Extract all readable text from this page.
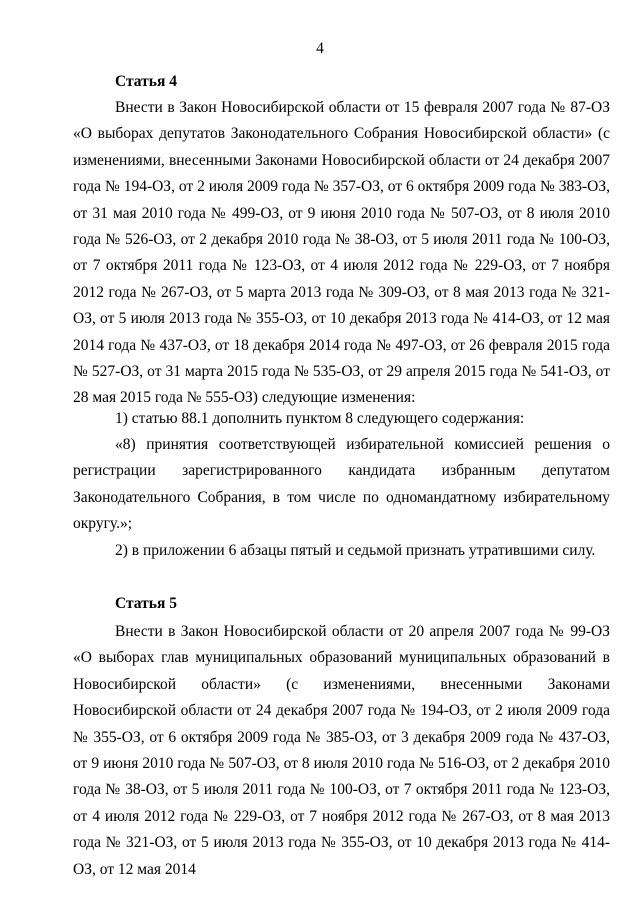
4
Статья 4

Внести в Закон Новосибирской области от 15 февраля 2007 года № 87-ОЗ «О выборах депутатов Законодательного Собрания Новосибирской области» (с изменениями, внесенными Законами Новосибирской области от 24 декабря 2007 года № 194-ОЗ, от 2 июля 2009 года № 357-ОЗ, от 6 октября 2009 года № 383-ОЗ, от 31 мая 2010 года № 499-ОЗ, от 9 июня 2010 года № 507-ОЗ, от 8 июля 2010 года № 526-ОЗ, от 2 декабря 2010 года № 38-ОЗ, от 5 июля 2011 года № 100-ОЗ, от 7 октября 2011 года № 123-ОЗ, от 4 июля 2012 года № 229-ОЗ, от 7 ноября 2012 года № 267-ОЗ, от 5 марта 2013 года № 309-ОЗ, от 8 мая 2013 года № 321-ОЗ, от 5 июля 2013 года № 355-ОЗ, от 10 декабря 2013 года № 414-ОЗ, от 12 мая 2014 года № 437-ОЗ, от 18 декабря 2014 года № 497-ОЗ, от 26 февраля 2015 года № 527-ОЗ, от 31 марта 2015 года № 535-ОЗ, от 29 апреля 2015 года № 541-ОЗ, от 28 мая 2015 года № 555-ОЗ) следующие изменения:

1) статью 88.1 дополнить пунктом 8 следующего содержания:

«8) принятия соответствующей избирательной комиссией решения о регистрации зарегистрированного кандидата избранным депутатом Законодательного Собрания, в том числе по одномандатному избирательному округу.»;

2) в приложении 6 абзацы пятый и седьмой признать утратившими силу.

Статья 5

Внести в Закон Новосибирской области от 20 апреля 2007 года № 99-ОЗ «О выборах глав муниципальных образований муниципальных образований в Новосибирской области» (с изменениями, внесенными Законами Новосибирской области от 24 декабря 2007 года № 194-ОЗ, от 2 июля 2009 года № 355-ОЗ, от 6 октября 2009 года № 385-ОЗ, от 3 декабря 2009 года № 437-ОЗ, от 9 июня 2010 года № 507-ОЗ, от 8 июля 2010 года № 516-ОЗ, от 2 декабря 2010 года № 38-ОЗ, от 5 июля 2011 года № 100-ОЗ, от 7 октября 2011 года № 123-ОЗ, от 4 июля 2012 года № 229-ОЗ, от 7 ноября 2012 года № 267-ОЗ, от 8 мая 2013 года № 321-ОЗ, от 5 июля 2013 года № 355-ОЗ, от 10 декабря 2013 года № 414-ОЗ, от 12 мая 2014
